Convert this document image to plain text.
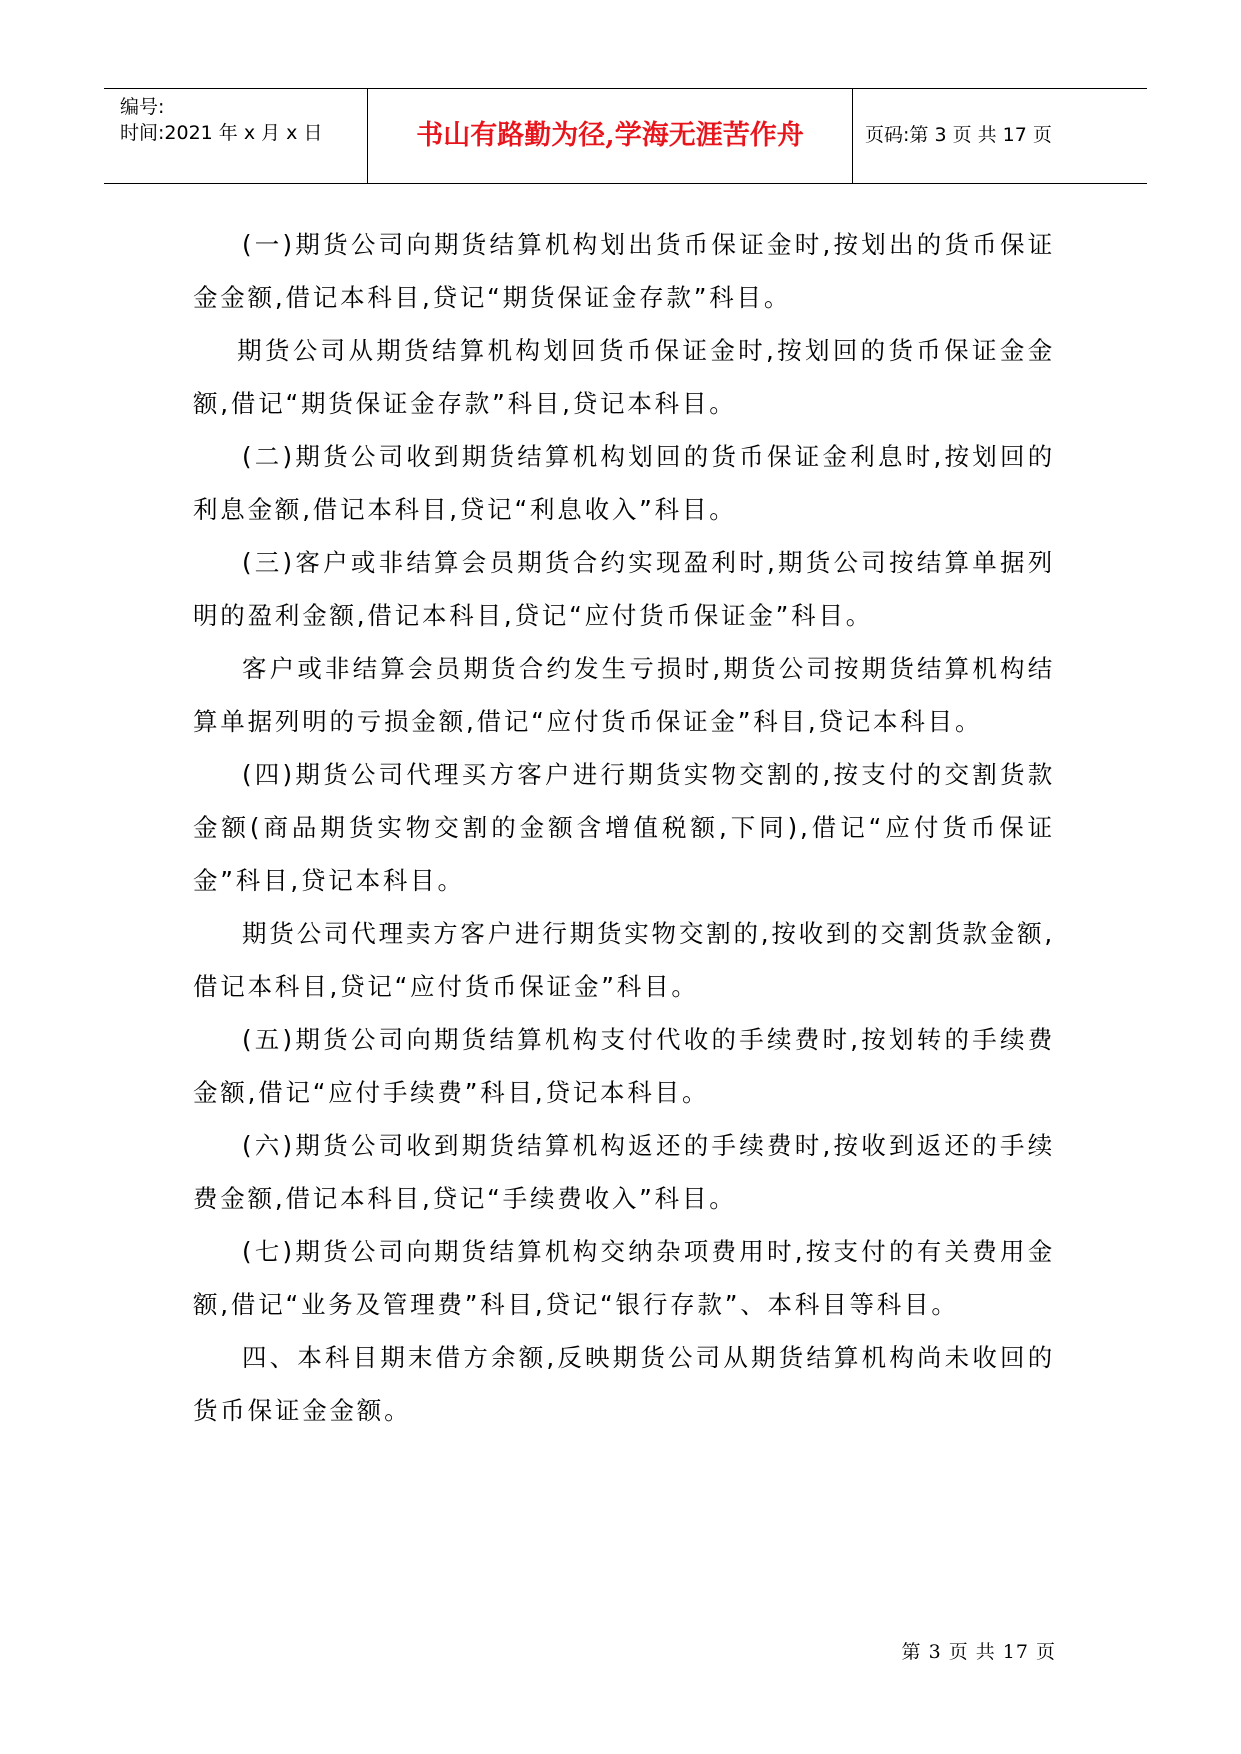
编号:
时间:2021 年 x 月 x 日	书山有路勤为径,学海无涯苦作舟	页码:第 3 页 共 17 页

(一)期货公司向期货结算机构划出货币保证金时,按划出的货币保证金金额,借记本科目,贷记“期货保证金存款”科目。

期货公司从期货结算机构划回货币保证金时,按划回的货币保证金金额,借记“期货保证金存款”科目,贷记本科目。

(二)期货公司收到期货结算机构划回的货币保证金利息时,按划回的利息金额,借记本科目,贷记“利息收入”科目。

(三)客户或非结算会员期货合约实现盈利时,期货公司按结算单据列明的盈利金额,借记本科目,贷记“应付货币保证金”科目。

客户或非结算会员期货合约发生亏损时,期货公司按期货结算机构结算单据列明的亏损金额,借记“应付货币保证金”科目,贷记本科目。

(四)期货公司代理买方客户进行期货实物交割的,按支付的交割货款金额(商品期货实物交割的金额含增值税额,下同),借记“应付货币保证金”科目,贷记本科目。

期货公司代理卖方客户进行期货实物交割的,按收到的交割货款金额,借记本科目,贷记“应付货币保证金”科目。

(五)期货公司向期货结算机构支付代收的手续费时,按划转的手续费金额,借记“应付手续费”科目,贷记本科目。

(六)期货公司收到期货结算机构返还的手续费时,按收到返还的手续费金额,借记本科目,贷记“手续费收入”科目。

(七)期货公司向期货结算机构交纳杂项费用时,按支付的有关费用金额,借记“业务及管理费”科目,贷记“银行存款”、本科目等科目。

四、本科目期末借方余额,反映期货公司从期货结算机构尚未收回的货币保证金金额。

第 3 页 共 17 页
